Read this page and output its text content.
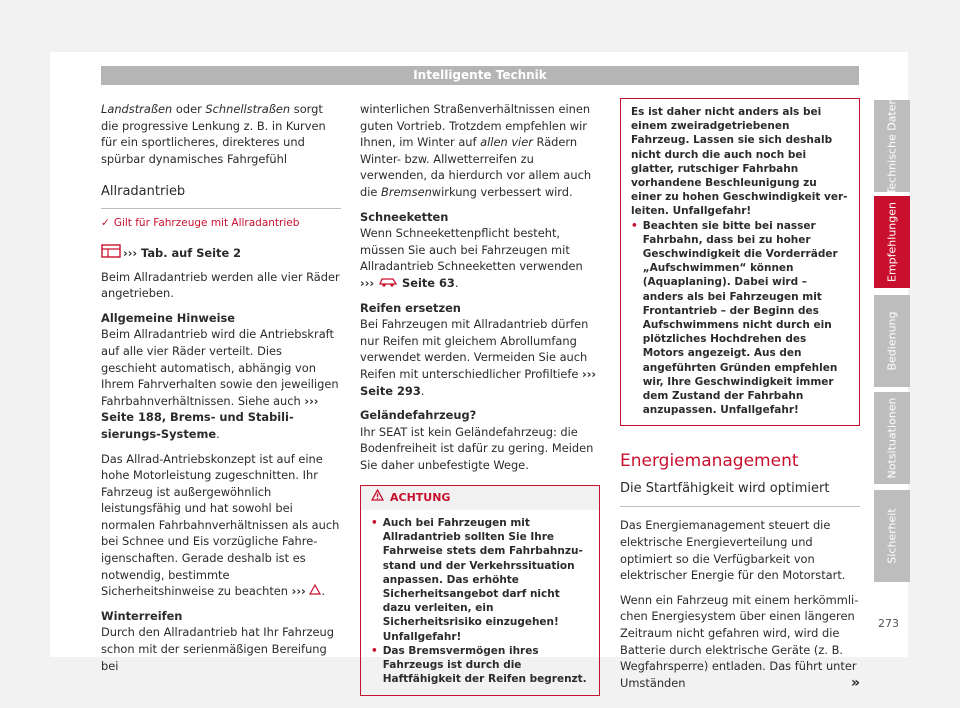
Intelligente Technik

Landstraßen oder Schnellstraßen sorgt die progressive Lenkung z. B. in Kurven für ein sportlicheres, direkteres und spürbar dynamisches Fahrgefühl

Allradantrieb
✓ Gilt für Fahrzeuge mit Allradantrieb
››› Tab. auf Seite 2

Beim Allradantrieb werden alle vier Räder angetrieben.

Allgemeine Hinweise

Beim Allradantrieb wird die Antriebskraft auf alle vier Räder verteilt. Dies geschieht automatisch, abhängig von Ihrem Fahrverhalten sowie den jeweiligen Fahrbahnverhältnissen. Siehe auch ››› Seite 188, Brems- und Stabilisierungs-Systeme.

Das Allrad-Antriebskonzept ist auf eine hohe Motorleistung zugeschnitten. Ihr Fahrzeug ist außergewöhnlich leistungsfähig und hat sowohl bei normalen Fahrbahnverhältnissen als auch bei Schnee und Eis vorzügliche Fahreigenschaften. Gerade deshalb ist es notwendig, bestimmte Sicherheitshinweise zu beachten ››› .

Winterreifen

Durch den Allradantrieb hat Ihr Fahrzeug schon mit der serienmäßigen Bereifung bei

winterlichen Straßenverhältnissen einen guten Vortrieb. Trotzdem empfehlen wir Ihnen, im Winter auf allen vier Rädern Winter- bzw. Allwetterreifen zu verwenden, da hierdurch vor allem auch die Bremsenwirkung verbessert wird.

Schneeketten

Wenn Schneekettenpflicht besteht, müssen Sie auch bei Fahrzeugen mit Allradantrieb Schneeketten verwenden ››› Seite 63.

Reifen ersetzen

Bei Fahrzeugen mit Allradantrieb dürfen nur Reifen mit gleichem Abrollumfang verwendet werden. Vermeiden Sie auch Reifen mit unterschiedlicher Profiltiefe ››› Seite 293.

Geländefahrzeug?

Ihr SEAT ist kein Geländefahrzeug: die Bodenfreiheit ist dafür zu gering. Meiden Sie daher unbefestigte Wege.

ACHTUNG
• Auch bei Fahrzeugen mit Allradantrieb sollten Sie Ihre Fahrweise stets dem Fahrbahnzustand und der Verkehrssituation anpassen. Das erhöhte Sicherheitsangebot darf nicht dazu verleiten, ein Sicherheitsrisiko einzugehen! Unfallgefahr!
• Das Bremsvermögen ihres Fahrzeugs ist durch die Haftfähigkeit der Reifen begrenzt.

Es ist daher nicht anders als bei einem zweiradgetriebenen Fahrzeug. Lassen sie sich deshalb nicht durch die auch noch bei glatter, rutschiger Fahrbahn vorhandene Beschleunigung zu einer zu hohen Geschwindigkeit verleiten. Unfallgefahr!

• Beachten sie bitte bei nasser Fahrbahn, dass bei zu hoher Geschwindigkeit die Vorderräder „Aufschwimmen“ können (Aquaplaning). Dabei wird – anders als bei Fahrzeugen mit Frontantrieb – der Beginn des Aufschwimmens nicht durch ein plötzliches Hochdrehen des Motors angezeigt. Aus den angeführten Gründen empfehlen wir, Ihre Geschwindigkeit immer dem Zustand der Fahrbahn anzupassen. Unfallgefahr!
Energiemanagement
Die Startfähigkeit wird optimiert

Das Energiemanagement steuert die elektrische Energieverteilung und optimiert so die Verfügbarkeit von elektrischer Energie für den Motorstart.

Wenn ein Fahrzeug mit einem herkömmlichen Energiesystem über einen längeren Zeitraum nicht gefahren wird, wird die Batterie durch elektrische Geräte (z. B. Wegfahrsperre) entladen. Das führt unter Umständen	»

Technische Daten
Empfehlungen
Bedienung
Notsituationen
Sicherheit
273
